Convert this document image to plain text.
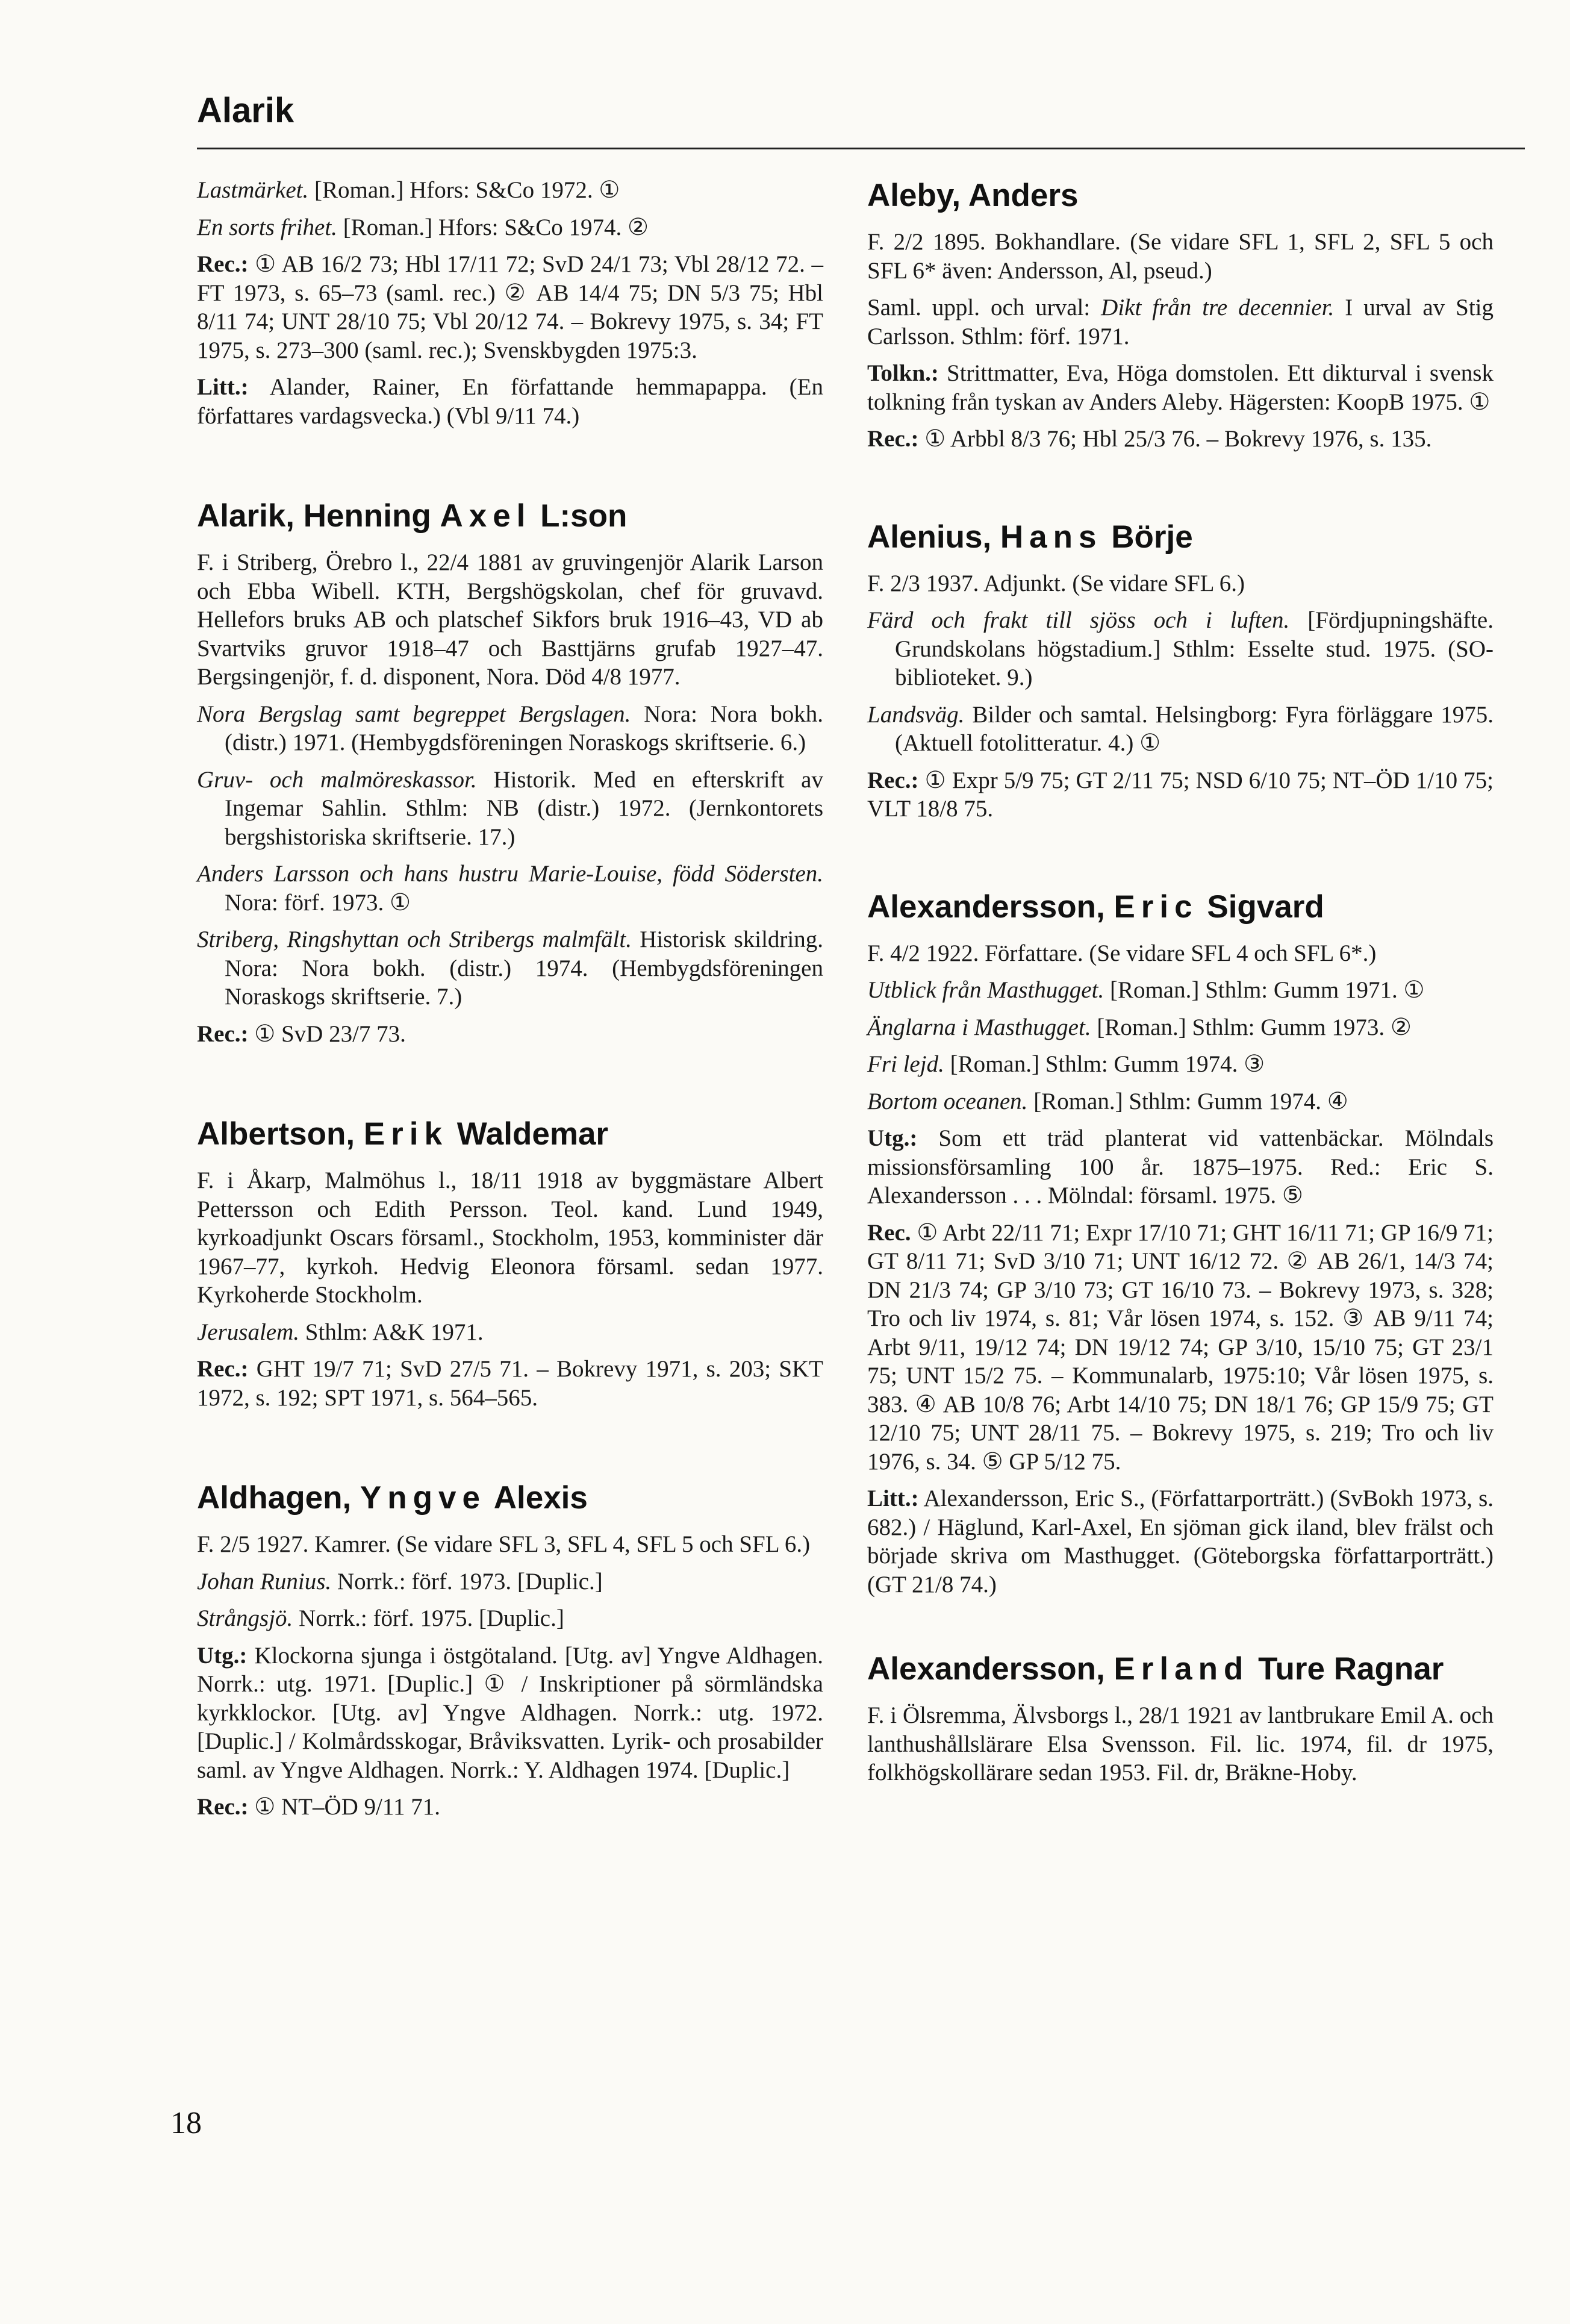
Alarik

Lastmärket. [Roman.] Hfors: S&Co 1972. ①

En sorts frihet. [Roman.] Hfors: S&Co 1974. ②

Rec.: ① AB 16/2 73; Hbl 17/11 72; SvD 24/1 73; Vbl 28/12 72. – FT 1973, s. 65–73 (saml. rec.) ② AB 14/4 75; DN 5/3 75; Hbl 8/11 74; UNT 28/10 75; Vbl 20/12 74. – Bokrevy 1975, s. 34; FT 1975, s. 273–300 (saml. rec.); Svenskbygden 1975:3.

Litt.: Alander, Rainer, En författande hemmapappa. (En författares vardagsvecka.) (Vbl 9/11 74.)

Alarik, Henning Axel L:son

F. i Striberg, Örebro l., 22/4 1881 av gruvingenjör Alarik Larson och Ebba Wibell. KTH, Bergshögskolan, chef för gruvavd. Hellefors bruks AB och platschef Sikfors bruk 1916–43, VD ab Svartviks gruvor 1918–47 och Basttjärns grufab 1927–47. Bergsingenjör, f. d. disponent, Nora. Död 4/8 1977.

Nora Bergslag samt begreppet Bergslagen. Nora: Nora bokh. (distr.) 1971. (Hembygdsföreningen Noraskogs skriftserie. 6.)

Gruv- och malmöreskassor. Historik. Med en efterskrift av Ingemar Sahlin. Sthlm: NB (distr.) 1972. (Jernkontorets bergshistoriska skriftserie. 17.)

Anders Larsson och hans hustru Marie-Louise, född Södersten. Nora: förf. 1973. ①

Striberg, Ringshyttan och Stribergs malmfält. Historisk skildring. Nora: Nora bokh. (distr.) 1974. (Hembygdsföreningen Noraskogs skriftserie. 7.)

Rec.: ① SvD 23/7 73.

Albertson, Erik Waldemar

F. i Åkarp, Malmöhus l., 18/11 1918 av byggmästare Albert Pettersson och Edith Persson. Teol. kand. Lund 1949, kyrkoadjunkt Oscars församl., Stockholm, 1953, komminister där 1967–77, kyrkoh. Hedvig Eleonora församl. sedan 1977. Kyrkoherde Stockholm.

Jerusalem. Sthlm: A&K 1971.

Rec.: GHT 19/7 71; SvD 27/5 71. – Bokrevy 1971, s. 203; SKT 1972, s. 192; SPT 1971, s. 564–565.

Aldhagen, Yngve Alexis

F. 2/5 1927. Kamrer. (Se vidare SFL 3, SFL 4, SFL 5 och SFL 6.)

Johan Runius. Norrk.: förf. 1973. [Duplic.]

Strångsjö. Norrk.: förf. 1975. [Duplic.]

Utg.: Klockorna sjunga i östgötaland. [Utg. av] Yngve Aldhagen. Norrk.: utg. 1971. [Duplic.] ① / Inskriptioner på sörmländska kyrkklockor. [Utg. av] Yngve Aldhagen. Norrk.: utg. 1972. [Duplic.] / Kolmårdsskogar, Bråviksvatten. Lyrik- och prosabilder saml. av Yngve Aldhagen. Norrk.: Y. Aldhagen 1974. [Duplic.]

Rec.: ① NT–ÖD 9/11 71.

Aleby, Anders

F. 2/2 1895. Bokhandlare. (Se vidare SFL 1, SFL 2, SFL 5 och SFL 6* även: Andersson, Al, pseud.)

Saml. uppl. och urval: Dikt från tre decennier. I urval av Stig Carlsson. Sthlm: förf. 1971.

Tolkn.: Strittmatter, Eva, Höga domstolen. Ett dikturval i svensk tolkning från tyskan av Anders Aleby. Hägersten: KoopB 1975. ①

Rec.: ① Arbbl 8/3 76; Hbl 25/3 76. – Bokrevy 1976, s. 135.

Alenius, Hans Börje

F. 2/3 1937. Adjunkt. (Se vidare SFL 6.)

Färd och frakt till sjöss och i luften. [Fördjupningshäfte. Grundskolans högstadium.] Sthlm: Esselte stud. 1975. (SO-biblioteket. 9.)

Landsväg. Bilder och samtal. Helsingborg: Fyra förläggare 1975. (Aktuell fotolitteratur. 4.) ①

Rec.: ① Expr 5/9 75; GT 2/11 75; NSD 6/10 75; NT–ÖD 1/10 75; VLT 18/8 75.

Alexandersson, Eric Sigvard

F. 4/2 1922. Författare. (Se vidare SFL 4 och SFL 6*.)

Utblick från Masthugget. [Roman.] Sthlm: Gumm 1971. ①

Änglarna i Masthugget. [Roman.] Sthlm: Gumm 1973. ②

Fri lejd. [Roman.] Sthlm: Gumm 1974. ③

Bortom oceanen. [Roman.] Sthlm: Gumm 1974. ④

Utg.: Som ett träd planterat vid vattenbäckar. Mölndals missionsförsamling 100 år. 1875–1975. Red.: Eric S. Alexandersson . . . Mölndal: församl. 1975. ⑤

Rec. ① Arbt 22/11 71; Expr 17/10 71; GHT 16/11 71; GP 16/9 71; GT 8/11 71; SvD 3/10 71; UNT 16/12 72. ② AB 26/1, 14/3 74; DN 21/3 74; GP 3/10 73; GT 16/10 73. – Bokrevy 1973, s. 328; Tro och liv 1974, s. 81; Vår lösen 1974, s. 152. ③ AB 9/11 74; Arbt 9/11, 19/12 74; DN 19/12 74; GP 3/10, 15/10 75; GT 23/1 75; UNT 15/2 75. – Kommunalarb, 1975:10; Vår lösen 1975, s. 383. ④ AB 10/8 76; Arbt 14/10 75; DN 18/1 76; GP 15/9 75; GT 12/10 75; UNT 28/11 75. – Bokrevy 1975, s. 219; Tro och liv 1976, s. 34. ⑤ GP 5/12 75.

Litt.: Alexandersson, Eric S., (Författarporträtt.) (SvBokh 1973, s. 682.) / Häglund, Karl-Axel, En sjöman gick iland, blev frälst och började skriva om Masthugget. (Göteborgska författarporträtt.) (GT 21/8 74.)

Alexandersson, Erland Ture Ragnar

F. i Ölsremma, Älvsborgs l., 28/1 1921 av lantbrukare Emil A. och lanthushållslärare Elsa Svensson. Fil. lic. 1974, fil. dr 1975, folkhögskollärare sedan 1953. Fil. dr, Bräkne-Hoby.

18
